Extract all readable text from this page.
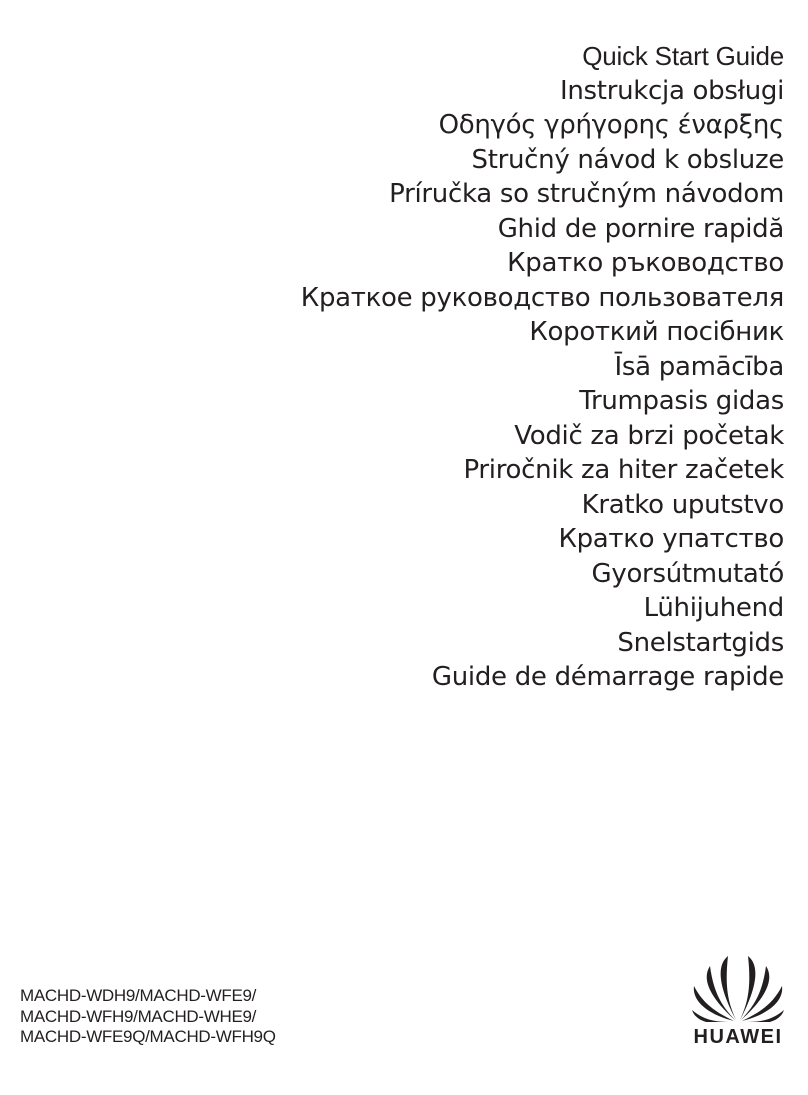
Quick Start Guide
Instrukcja obsługi
Οδηγός γρήγορης έναρξης
Stručný návod k obsluze
Príručka so stručným návodom
Ghid de pornire rapidă
Кратко ръководство
Краткое руководство пользователя
Короткий посібник
Īsā pamācība
Trumpasis gidas
Vodič za brzi početak
Priročnik za hiter začetek
Kratko uputstvo
Кратко упатство
Gyorsútmutató
Lühijuhend
Snelstartgids
Guide de démarrage rapide
MACHD-WDH9/MACHD-WFE9/
MACHD-WFH9/MACHD-WHE9/
MACHD-WFE9Q/MACHD-WFH9Q	HUAWEI
